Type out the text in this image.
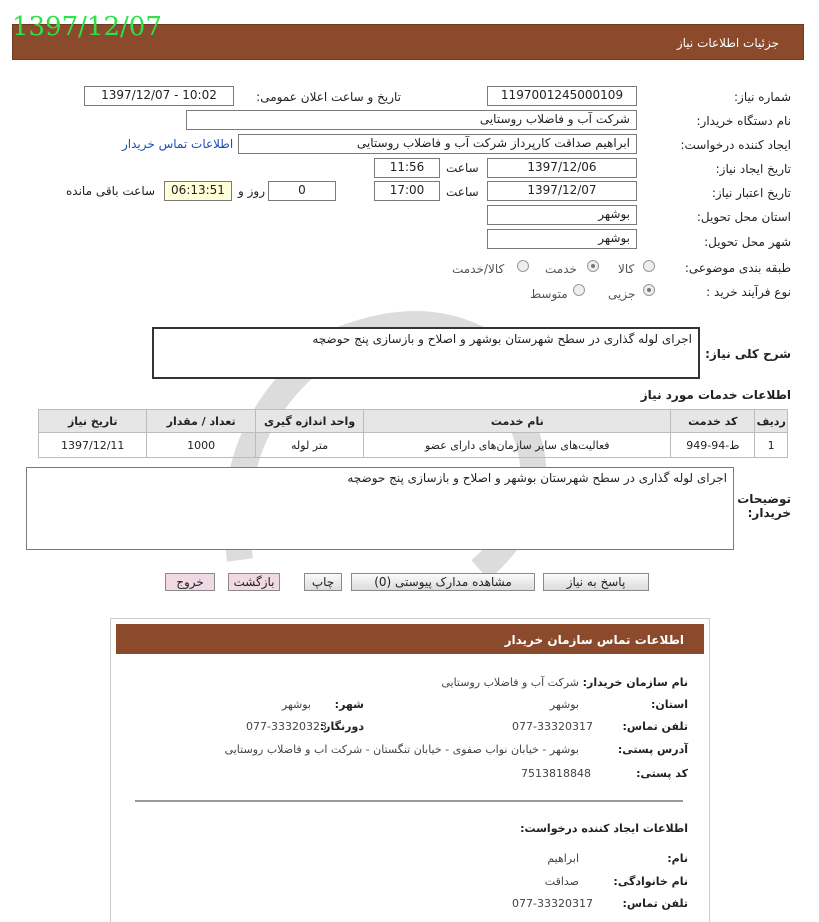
جزئیات اطلاعات نیاز
1397/12/07
شماره نیاز:
1197001245000109
تاریخ و ساعت اعلان عمومی:
1397/12/07 - 10:02
نام دستگاه خریدار:
شرکت آب و فاضلاب روستایی
ایجاد کننده درخواست:
ابراهیم صداقت کارپرداز شرکت آب و فاضلاب روستایی
اطلاعات تماس خریدار
تاریخ ایجاد نیاز:
1397/12/06
ساعت
11:56
تاریخ اعتبار نیاز:
1397/12/07
ساعت
17:00
0
روز و
06:13:51
ساعت باقی مانده
استان محل تحویل:
بوشهر
شهر محل تحویل:
بوشهر
طبقه بندی موضوعی:
کالا
خدمت
کالا/خدمت
نوع فرآیند خرید :
جزیی
متوسط
شرح کلی نیاز:
اجرای لوله گذاری در سطح شهرستان بوشهر و اصلاح و بازسازی پنج حوضچه
اطلاعات خدمات مورد نیاز
ردیف	کد خدمت	نام خدمت	واحد اندازه گیری	تعداد / مقدار	تاریخ نیاز
1	ط-94-949	فعالیت‌های سایر سازمان‌های دارای عضو	متر لوله	1000	1397/12/11
توضیحات خریدار:
اجرای لوله گذاری در سطح شهرستان بوشهر و اصلاح و بازسازی پنج حوضچه
پاسخ به نیاز
مشاهده مدارک پیوستی (0)
چاپ
بازگشت
خروج
اطلاعات تماس سازمان خریدار
نام سازمان خریدار:
شرکت آب و فاضلاب روستایی
استان:
بوشهر
شهر:
بوشهر
تلفن تماس:
077-33320317
دورنگار:
077-33320323
آدرس پستی:
بوشهر - خیابان نواب صفوی - خیابان تنگستان - شرکت اب و فاضلاب روستایی
کد پستی:
7513818848
اطلاعات ایجاد کننده درخواست:
نام:
ابراهیم
نام خانوادگی:
صداقت
تلفن تماس:
077-33320317
